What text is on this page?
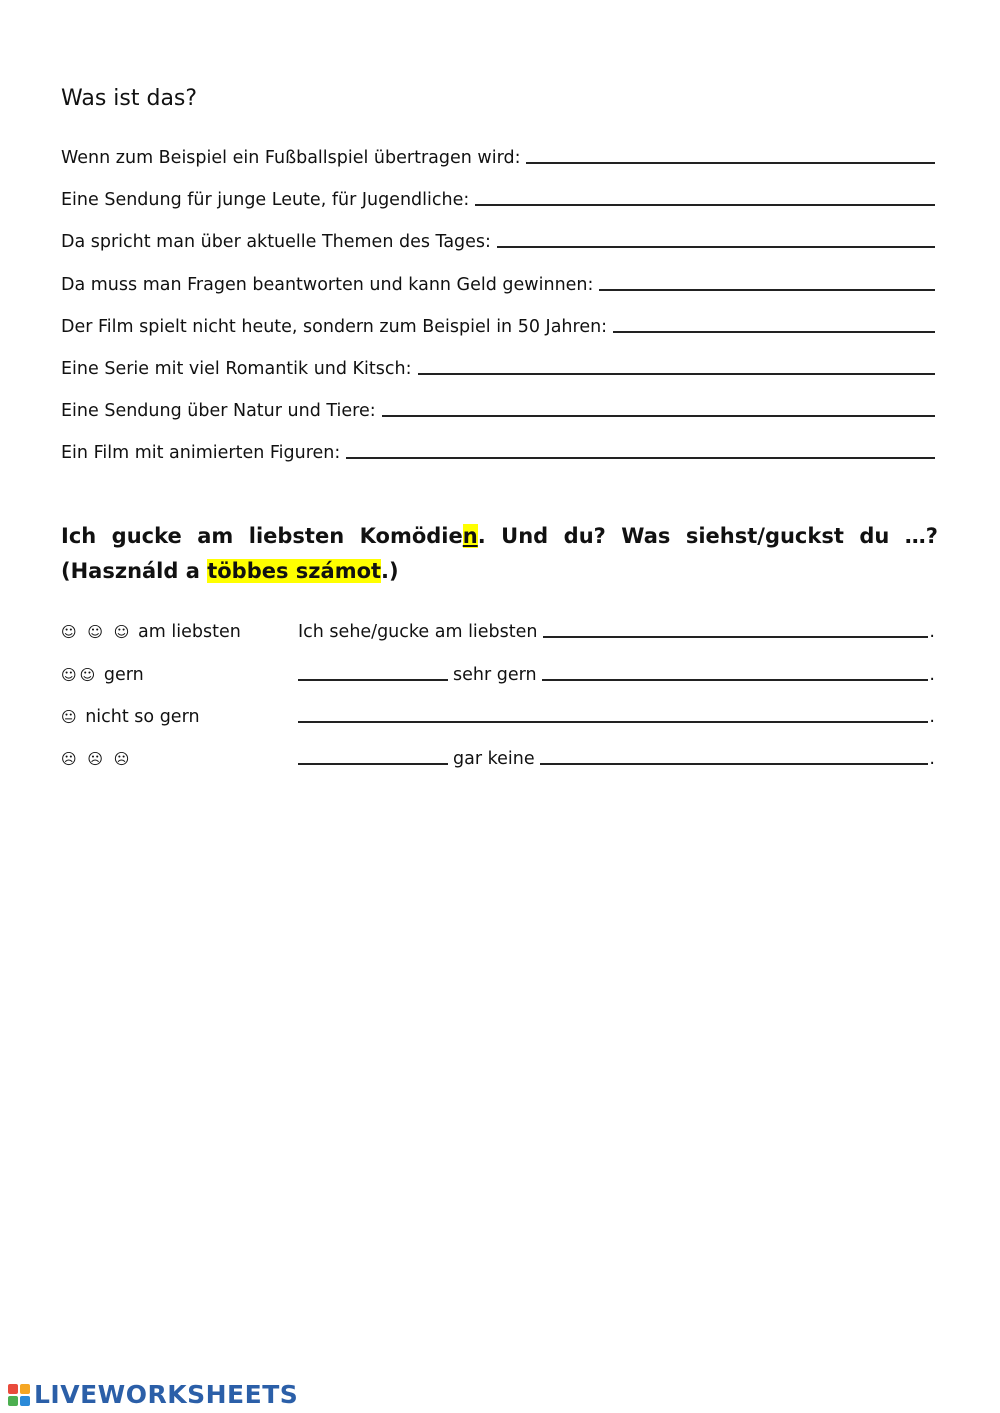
Was ist das?
Wenn zum Beispiel ein Fußballspiel übertragen wird:
Eine Sendung für junge Leute, für Jugendliche:
Da spricht man über aktuelle Themen des Tages:
Da muss man Fragen beantworten und kann Geld gewinnen:
Der Film spielt nicht heute, sondern zum Beispiel in 50 Jahren:
Eine Serie mit viel Romantik und Kitsch:
Eine Sendung über Natur und Tiere:
Ein Film mit animierten Figuren:
Ich gucke am liebsten Komödien. Und du? Was siehst/guckst du …?
(Használd a többes számot.)
☺ ☺ ☺ am liebsten	Ich sehe/gucke am liebsten	.
☺☺ gern	sehr gern	.
😐 nicht so gern	.
☹ ☹ ☹	gar keine	.
LIVEWORKSHEETS
